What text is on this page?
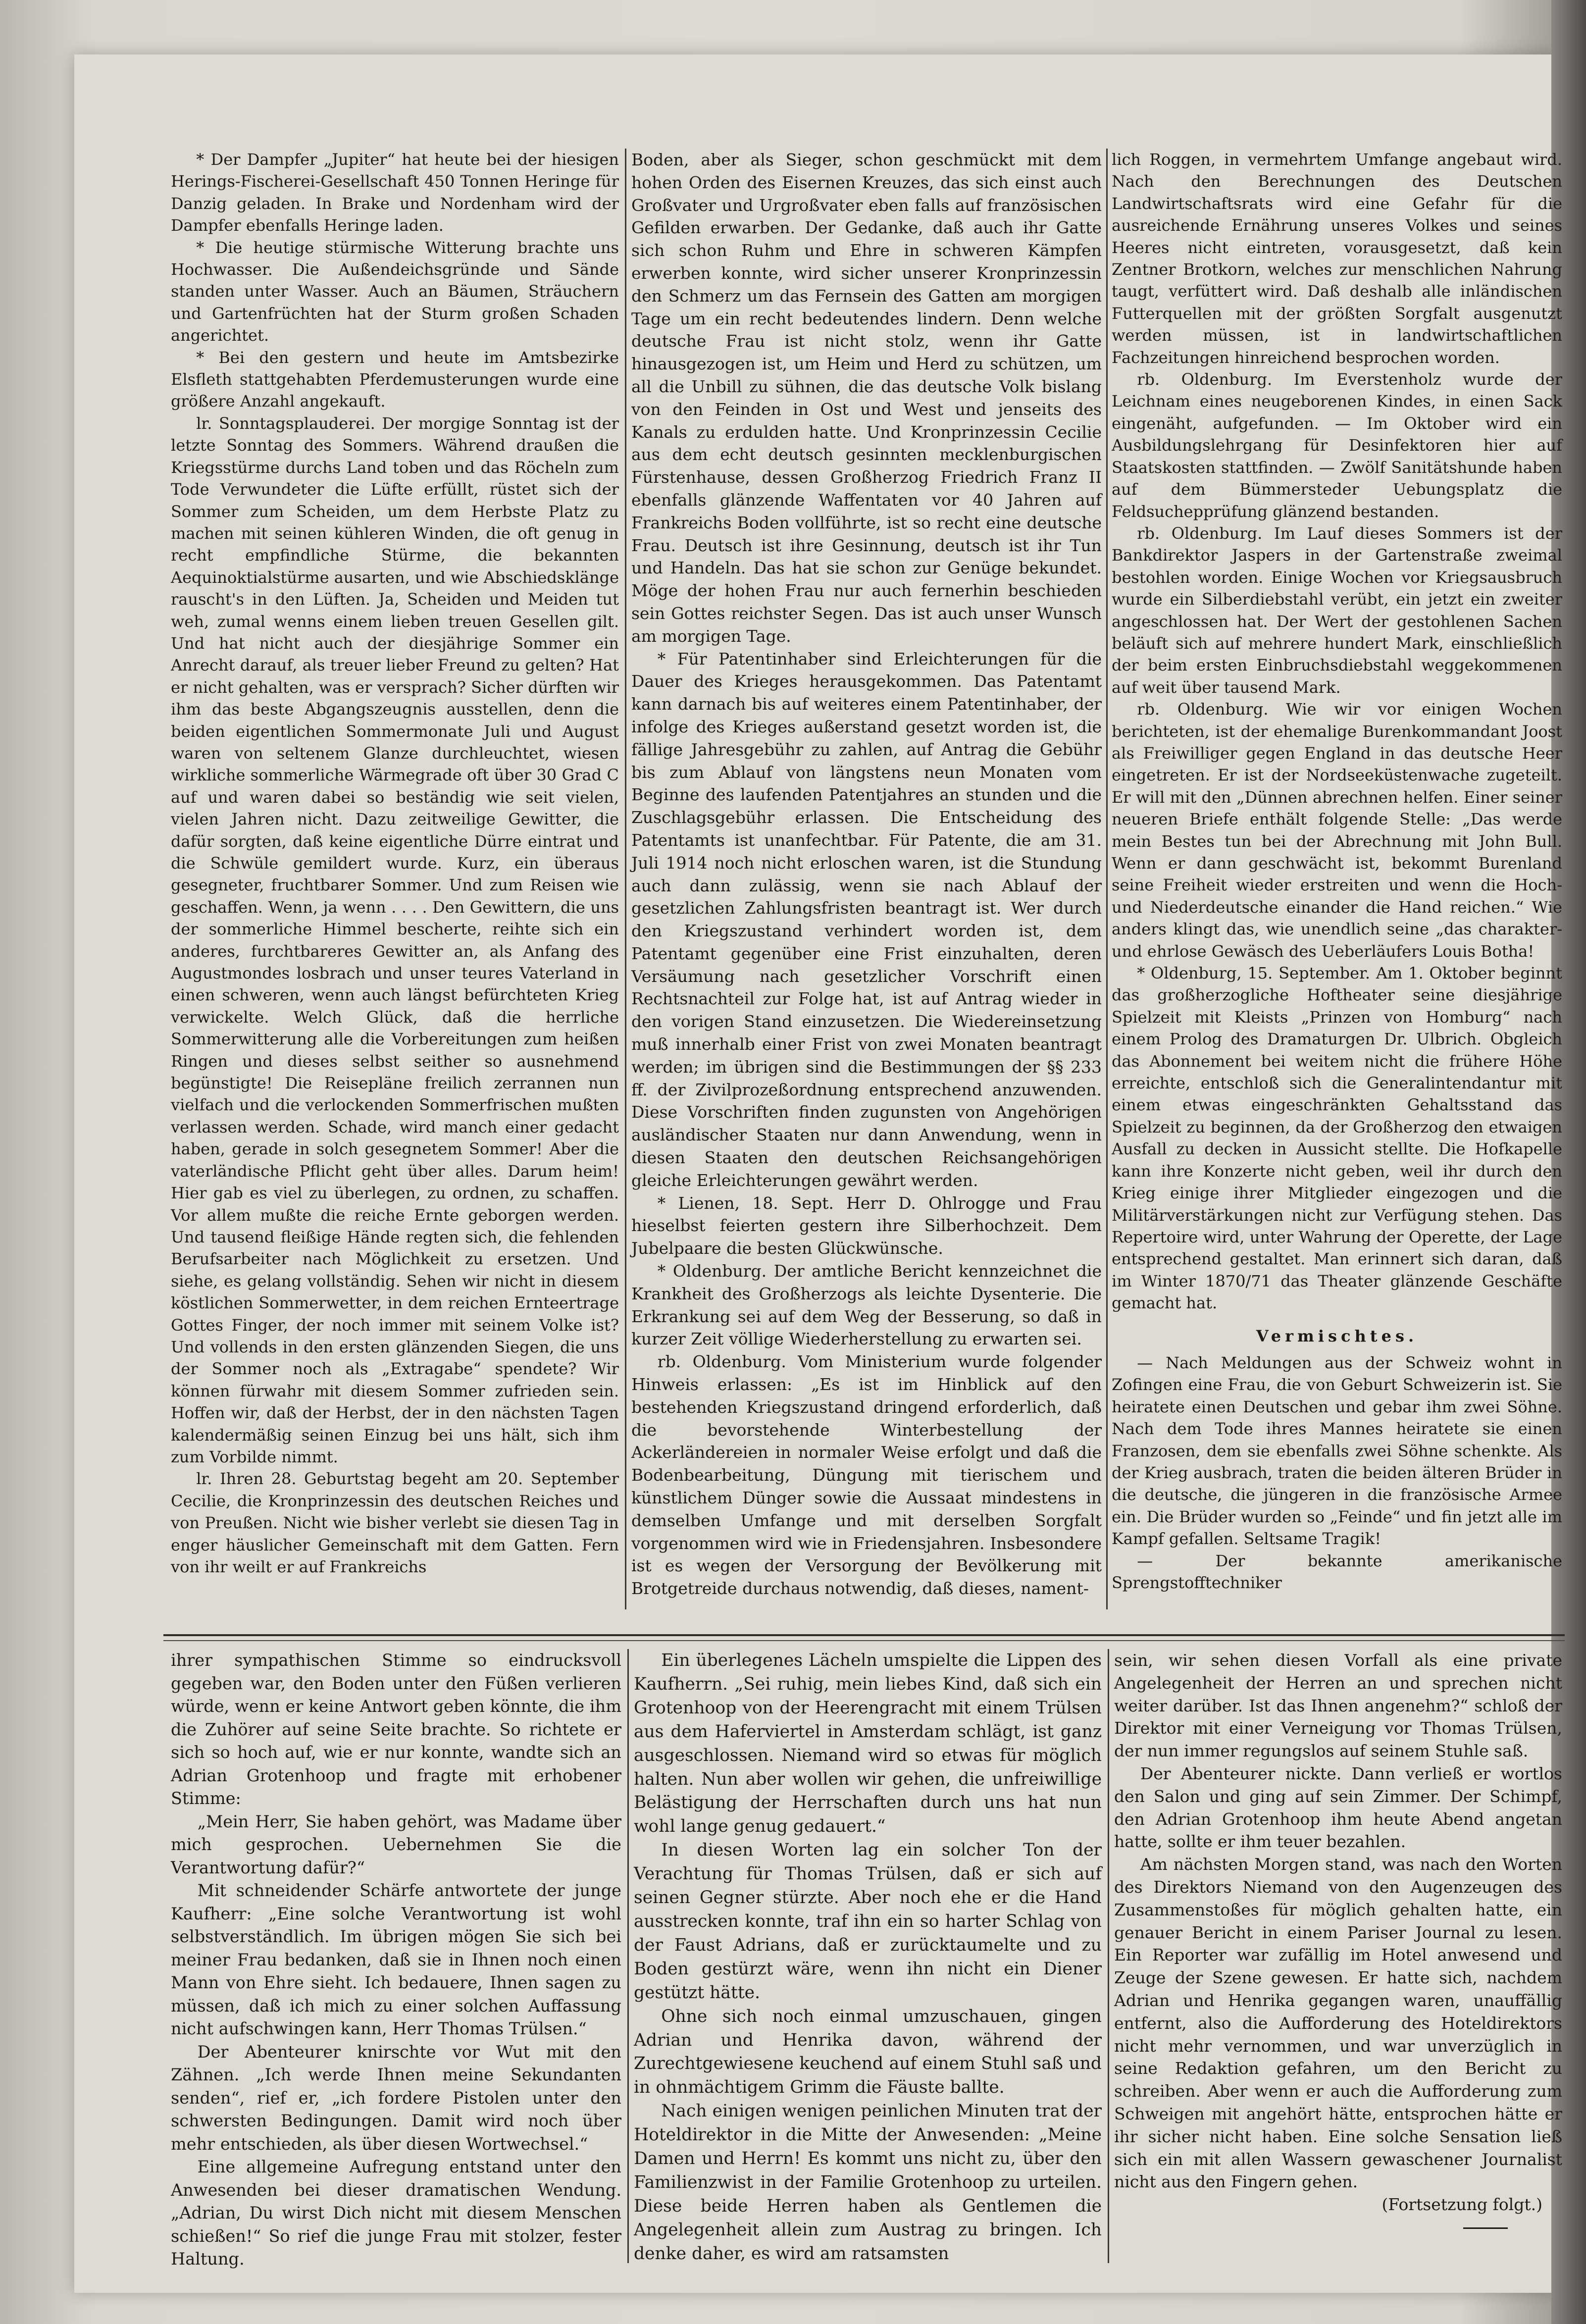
* Der Dampfer „Jupiter“ hat heute bei der hiesigen Herings-Fischerei-Gesellschaft 450 Tonnen Heringe für Danzig geladen. In Brake und Nordenham wird der Dampfer ebenfalls Heringe laden.

* Die heutige stürmische Witterung brachte uns Hochwasser. Die Außendeichsgründe und Sände standen unter Wasser. Auch an Bäumen, Sträuchern und Gartenfrüchten hat der Sturm großen Schaden angerichtet.

* Bei den gestern und heute im Amtsbezirke Elsfleth stattgehabten Pferdemusterungen wurde eine größere Anzahl angekauft.

lr. Sonntagsplauderei. Der morgige Sonntag ist der letzte Sonntag des Sommers. Während draußen die Kriegsstürme durchs Land toben und das Röcheln zum Tode Verwundeter die Lüfte erfüllt, rüstet sich der Sommer zum Scheiden, um dem Herbste Platz zu machen mit seinen kühleren Winden, die oft genug in recht empfindliche Stürme, die bekannten Aequinoktialstürme ausarten, und wie Abschiedsklänge rauscht's in den Lüften. Ja, Scheiden und Meiden tut weh, zumal wenns einem lieben treuen Gesellen gilt. Und hat nicht auch der diesjährige Sommer ein Anrecht darauf, als treuer lieber Freund zu gelten? Hat er nicht gehalten, was er versprach? Sicher dürften wir ihm das beste Abgangszeugnis ausstellen, denn die beiden eigentlichen Sommermonate Juli und August waren von seltenem Glanze durchleuchtet, wiesen wirkliche sommerliche Wärmegrade oft über 30 Grad C auf und waren dabei so beständig wie seit vielen, vielen Jahren nicht. Dazu zeitweilige Gewitter, die dafür sorgten, daß keine eigentliche Dürre eintrat und die Schwüle gemildert wurde. Kurz, ein überaus gesegneter, fruchtbarer Sommer. Und zum Reisen wie geschaffen. Wenn, ja wenn . . . . Den Gewittern, die uns der sommerliche Himmel bescherte, reihte sich ein anderes, furchtbareres Gewitter an, als Anfang des Augustmondes losbrach und unser teures Vaterland in einen schweren, wenn auch längst befürchteten Krieg verwickelte. Welch Glück, daß die herrliche Sommerwitterung alle die Vorbereitungen zum heißen Ringen und dieses selbst seither so ausnehmend begünstigte! Die Reisepläne freilich zerrannen nun vielfach und die verlockenden Sommerfrischen mußten verlassen werden. Schade, wird manch einer gedacht haben, gerade in solch gesegnetem Sommer! Aber die vaterländische Pflicht geht über alles. Darum heim! Hier gab es viel zu überlegen, zu ordnen, zu schaffen. Vor allem mußte die reiche Ernte geborgen werden. Und tausend fleißige Hände regten sich, die fehlenden Berufsarbeiter nach Möglichkeit zu ersetzen. Und siehe, es gelang vollständig. Sehen wir nicht in diesem köstlichen Sommerwetter, in dem reichen Ernteertrage Gottes Finger, der noch immer mit seinem Volke ist? Und vollends in den ersten glänzenden Siegen, die uns der Sommer noch als „Extragabe“ spendete? Wir können fürwahr mit diesem Sommer zufrieden sein. Hoffen wir, daß der Herbst, der in den nächsten Tagen kalendermäßig seinen Einzug bei uns hält, sich ihm zum Vorbilde nimmt.

lr. Ihren 28. Geburtstag begeht am 20. September Cecilie, die Kronprinzessin des deutschen Reiches und von Preußen. Nicht wie bisher verlebt sie diesen Tag in enger häuslicher Gemeinschaft mit dem Gatten. Fern von ihr weilt er auf Frankreichs

Boden, aber als Sieger, schon geschmückt mit dem hohen Orden des Eisernen Kreuzes, das sich einst auch Großvater und Urgroßvater eben falls auf französischen Gefilden erwarben. Der Gedanke, daß auch ihr Gatte sich schon Ruhm und Ehre in schweren Kämpfen erwerben konnte, wird sicher unserer Kronprinzessin den Schmerz um das Fernsein des Gatten am morgigen Tage um ein recht bedeutendes lindern. Denn welche deutsche Frau ist nicht stolz, wenn ihr Gatte hinausgezogen ist, um Heim und Herd zu schützen, um all die Unbill zu sühnen, die das deutsche Volk bislang von den Feinden in Ost und West und jenseits des Kanals zu erdulden hatte. Und Kronprinzessin Cecilie aus dem echt deutsch gesinnten mecklenburgischen Fürstenhause, dessen Großherzog Friedrich Franz II ebenfalls glänzende Waffentaten vor 40 Jahren auf Frankreichs Boden vollführte, ist so recht eine deutsche Frau. Deutsch ist ihre Gesinnung, deutsch ist ihr Tun und Handeln. Das hat sie schon zur Genüge bekundet. Möge der hohen Frau nur auch fernerhin beschieden sein Gottes reichster Segen. Das ist auch unser Wunsch am morgigen Tage.

* Für Patentinhaber sind Erleichterungen für die Dauer des Krieges herausgekommen. Das Patentamt kann darnach bis auf weiteres einem Patentinhaber, der infolge des Krieges außerstand gesetzt worden ist, die fällige Jahresgebühr zu zahlen, auf Antrag die Gebühr bis zum Ablauf von längstens neun Monaten vom Beginne des laufenden Patentjahres an stunden und die Zuschlagsgebühr erlassen. Die Entscheidung des Patentamts ist unanfechtbar. Für Patente, die am 31. Juli 1914 noch nicht erloschen waren, ist die Stundung auch dann zulässig, wenn sie nach Ablauf der gesetzlichen Zahlungsfristen beantragt ist. Wer durch den Kriegszustand verhindert worden ist, dem Patentamt gegenüber eine Frist einzuhalten, deren Versäumung nach gesetzlicher Vorschrift einen Rechtsnachteil zur Folge hat, ist auf Antrag wieder in den vorigen Stand einzusetzen. Die Wiedereinsetzung muß innerhalb einer Frist von zwei Monaten beantragt werden; im übrigen sind die Bestimmungen der §§ 233 ff. der Zivilprozeßordnung entsprechend anzuwenden. Diese Vorschriften finden zugunsten von Angehörigen ausländischer Staaten nur dann Anwendung, wenn in diesen Staaten den deutschen Reichsangehörigen gleiche Erleichterungen gewährt werden.

* Lienen, 18. Sept. Herr D. Ohlrogge und Frau hieselbst feierten gestern ihre Silberhochzeit. Dem Jubelpaare die besten Glückwünsche.

* Oldenburg. Der amtliche Bericht kennzeichnet die Krankheit des Großherzogs als leichte Dysenterie. Die Erkrankung sei auf dem Weg der Besserung, so daß in kurzer Zeit völlige Wiederherstellung zu erwarten sei.

rb. Oldenburg. Vom Ministerium wurde folgender Hinweis erlassen: „Es ist im Hinblick auf den bestehenden Kriegszustand dringend erforderlich, daß die bevorstehende Winterbestellung der Ackerländereien in normaler Weise erfolgt und daß die Bodenbearbeitung, Düngung mit tierischem und künstlichem Dünger sowie die Aussaat mindestens in demselben Umfange und mit derselben Sorgfalt vorgenommen wird wie in Friedensjahren. Insbesondere ist es wegen der Versorgung der Bevölkerung mit Brotgetreide durchaus notwendig, daß dieses, nament-

lich Roggen, in vermehrtem Umfange angebaut wird. Nach den Berechnungen des Deutschen Landwirtschaftsrats wird eine Gefahr für die ausreichende Ernährung unseres Volkes und seines Heeres nicht eintreten, vorausgesetzt, daß kein Zentner Brotkorn, welches zur menschlichen Nahrung taugt, verfüttert wird. Daß deshalb alle inländischen Futterquellen mit der größten Sorgfalt ausgenutzt werden müssen, ist in landwirtschaftlichen Fachzeitungen hinreichend besprochen worden.

rb. Oldenburg. Im Everstenholz wurde der Leichnam eines neugeborenen Kindes, in einen Sack eingenäht, aufgefunden. — Im Oktober wird ein Ausbildungslehrgang für Desinfektoren hier auf Staatskosten stattfinden. — Zwölf Sanitätshunde haben auf dem Bümmersteder Uebungsplatz die Feldsuchepprüfung glänzend bestanden.

rb. Oldenburg. Im Lauf dieses Sommers ist der Bankdirektor Jaspers in der Gartenstraße zweimal bestohlen worden. Einige Wochen vor Kriegsausbruch wurde ein Silberdiebstahl verübt, ein jetzt ein zweiter angeschlossen hat. Der Wert der gestohlenen Sachen beläuft sich auf mehrere hundert Mark, einschließlich der beim ersten Einbruchsdiebstahl weggekommenen auf weit über tausend Mark.

rb. Oldenburg. Wie wir vor einigen Wochen berichteten, ist der ehemalige Burenkommandant Joost als Freiwilliger gegen England in das deutsche Heer eingetreten. Er ist der Nordseeküstenwache zugeteilt. Er will mit den „Dünnen abrechnen helfen. Einer seiner neueren Briefe enthält folgende Stelle: „Das werde mein Bestes tun bei der Abrechnung mit John Bull. Wenn er dann geschwächt ist, bekommt Burenland seine Freiheit wieder erstreiten und wenn die Hoch- und Niederdeutsche einander die Hand reichen.“ Wie anders klingt das, wie unendlich seine „das charakter- und ehrlose Gewäsch des Ueberläufers Louis Botha!

* Oldenburg, 15. September. Am 1. Oktober beginnt das großherzogliche Hoftheater seine diesjährige Spielzeit mit Kleists „Prinzen von Homburg“ nach einem Prolog des Dramaturgen Dr. Ulbrich. Obgleich das Abonnement bei weitem nicht die frühere Höhe erreichte, entschloß sich die Generalintendantur mit einem etwas eingeschränkten Gehaltsstand das Spielzeit zu beginnen, da der Großherzog den etwaigen Ausfall zu decken in Aussicht stellte. Die Hofkapelle kann ihre Konzerte nicht geben, weil ihr durch den Krieg einige ihrer Mitglieder eingezogen und die Militärverstärkungen nicht zur Verfügung stehen. Das Repertoire wird, unter Wahrung der Operette, der Lage entsprechend gestaltet. Man erinnert sich daran, daß im Winter 1870/71 das Theater glänzende Geschäfte gemacht hat.

Vermischtes.

— Nach Meldungen aus der Schweiz wohnt in Zofingen eine Frau, die von Geburt Schweizerin ist. Sie heiratete einen Deutschen und gebar ihm zwei Söhne. Nach dem Tode ihres Mannes heiratete sie einen Franzosen, dem sie ebenfalls zwei Söhne schenkte. Als der Krieg ausbrach, traten die beiden älteren Brüder in die deutsche, die jüngeren in die französische Armee ein. Die Brüder wurden so „Feinde“ und fin jetzt alle im Kampf gefallen. Seltsame Tragik!

— Der bekannte amerikanische Sprengstofftechniker

ihrer sympathischen Stimme so eindrucksvoll gegeben war, den Boden unter den Füßen verlieren würde, wenn er keine Antwort geben könnte, die ihm die Zuhörer auf seine Seite brachte. So richtete er sich so hoch auf, wie er nur konnte, wandte sich an Adrian Grotenhoop und fragte mit erhobener Stimme:

„Mein Herr, Sie haben gehört, was Madame über mich gesprochen. Uebernehmen Sie die Verantwortung dafür?“

Mit schneidender Schärfe antwortete der junge Kaufherr: „Eine solche Verantwortung ist wohl selbstverständlich. Im übrigen mögen Sie sich bei meiner Frau bedanken, daß sie in Ihnen noch einen Mann von Ehre sieht. Ich bedauere, Ihnen sagen zu müssen, daß ich mich zu einer solchen Auffassung nicht aufschwingen kann, Herr Thomas Trülsen.“

Der Abenteurer knirschte vor Wut mit den Zähnen. „Ich werde Ihnen meine Sekundanten senden“, rief er, „ich fordere Pistolen unter den schwersten Bedingungen. Damit wird noch über mehr entschieden, als über diesen Wortwechsel.“

Eine allgemeine Aufregung entstand unter den Anwesenden bei dieser dramatischen Wendung. „Adrian, Du wirst Dich nicht mit diesem Menschen schießen!“ So rief die junge Frau mit stolzer, fester Haltung.

Ein überlegenes Lächeln umspielte die Lippen des Kaufherrn. „Sei ruhig, mein liebes Kind, daß sich ein Grotenhoop von der Heerengracht mit einem Trülsen aus dem Haferviertel in Amsterdam schlägt, ist ganz ausgeschlossen. Niemand wird so etwas für möglich halten. Nun aber wollen wir gehen, die unfreiwillige Belästigung der Herrschaften durch uns hat nun wohl lange genug gedauert.“

In diesen Worten lag ein solcher Ton der Verachtung für Thomas Trülsen, daß er sich auf seinen Gegner stürzte. Aber noch ehe er die Hand ausstrecken konnte, traf ihn ein so harter Schlag von der Faust Adrians, daß er zurücktaumelte und zu Boden gestürzt wäre, wenn ihn nicht ein Diener gestützt hätte.

Ohne sich noch einmal umzuschauen, gingen Adrian und Henrika davon, während der Zurechtgewiesene keuchend auf einem Stuhl saß und in ohnmächtigem Grimm die Fäuste ballte.

Nach einigen wenigen peinlichen Minuten trat der Hoteldirektor in die Mitte der Anwesenden: „Meine Damen und Herrn! Es kommt uns nicht zu, über den Familienzwist in der Familie Grotenhoop zu urteilen. Diese beide Herren haben als Gentlemen die Angelegenheit allein zum Austrag zu bringen. Ich denke daher, es wird am ratsamsten

sein, wir sehen diesen Vorfall als eine private Angelegenheit der Herren an und sprechen nicht weiter darüber. Ist das Ihnen angenehm?“ schloß der Direktor mit einer Verneigung vor Thomas Trülsen, der nun immer regungslos auf seinem Stuhle saß.

Der Abenteurer nickte. Dann verließ er wortlos den Salon und ging auf sein Zimmer. Der Schimpf, den Adrian Grotenhoop ihm heute Abend angetan hatte, sollte er ihm teuer bezahlen.

Am nächsten Morgen stand, was nach den Worten des Direktors Niemand von den Augenzeugen des Zusammenstoßes für möglich gehalten hatte, ein genauer Bericht in einem Pariser Journal zu lesen. Ein Reporter war zufällig im Hotel anwesend und Zeuge der Szene gewesen. Er hatte sich, nachdem Adrian und Henrika gegangen waren, unauffällig entfernt, also die Aufforderung des Hoteldirektors nicht mehr vernommen, und war unverzüglich in seine Redaktion gefahren, um den Bericht zu schreiben. Aber wenn er auch die Aufforderung zum Schweigen mit angehört hätte, entsprochen hätte er ihr sicher nicht haben. Eine solche Sensation ließ sich ein mit allen Wassern gewaschener Journalist nicht aus den Fingern gehen.

(Fortsetzung folgt.)
